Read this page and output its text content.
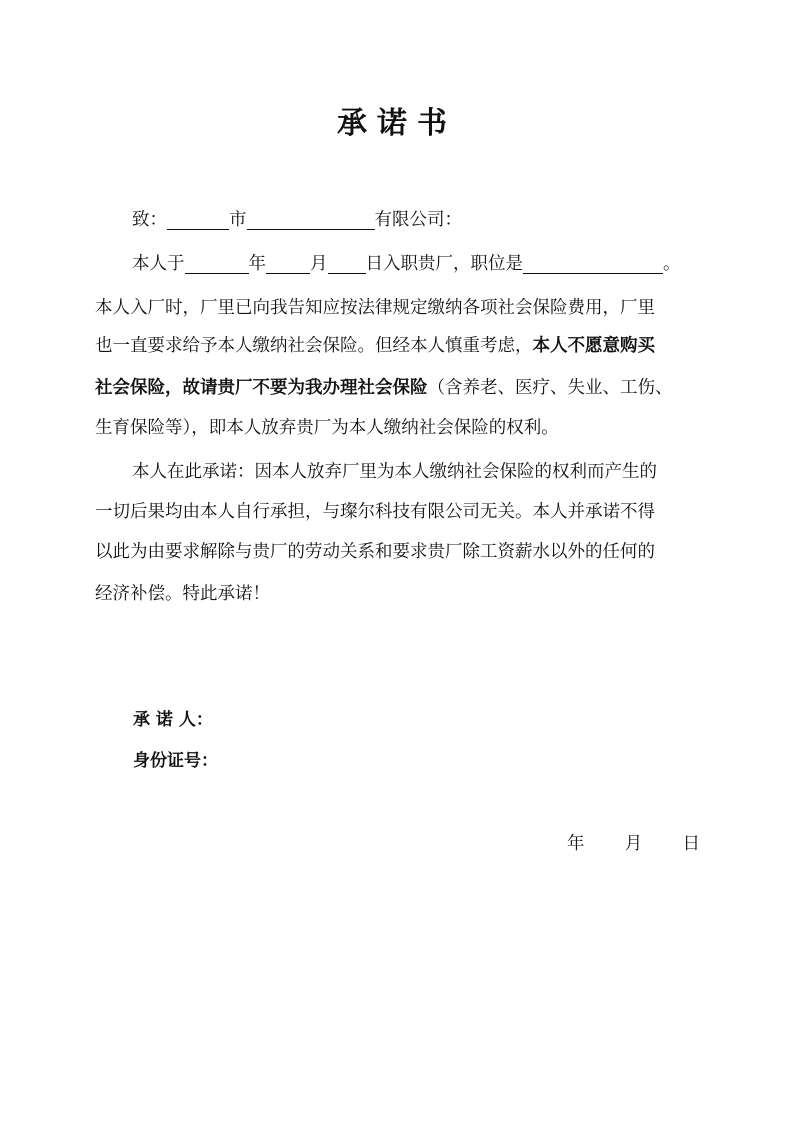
承诺书
致：	市	有限公司：
本人于	年	月 日入职贵厂，职位是	。
本人入厂时，厂里已向我告知应按法律规定缴纳各项社会保险费用，厂里
也一直要求给予本人缴纳社会保险。但经本人慎重考虑，本人不愿意购买
社会保险，故请贵厂不要为我办理社会保险（含养老、医疗、失业、工伤、
生育保险等），即本人放弃贵厂为本人缴纳社会保险的权利。
本人在此承诺：因本人放弃厂里为本人缴纳社会保险的权利而产生的
一切后果均由本人自行承担，与璨尔科技有限公司无关。本人并承诺不得
以此为由要求解除与贵厂的劳动关系和要求贵厂除工资薪水以外的任何的
经济补偿。特此承诺！
承 诺 人：
身份证号：
年 月 日
